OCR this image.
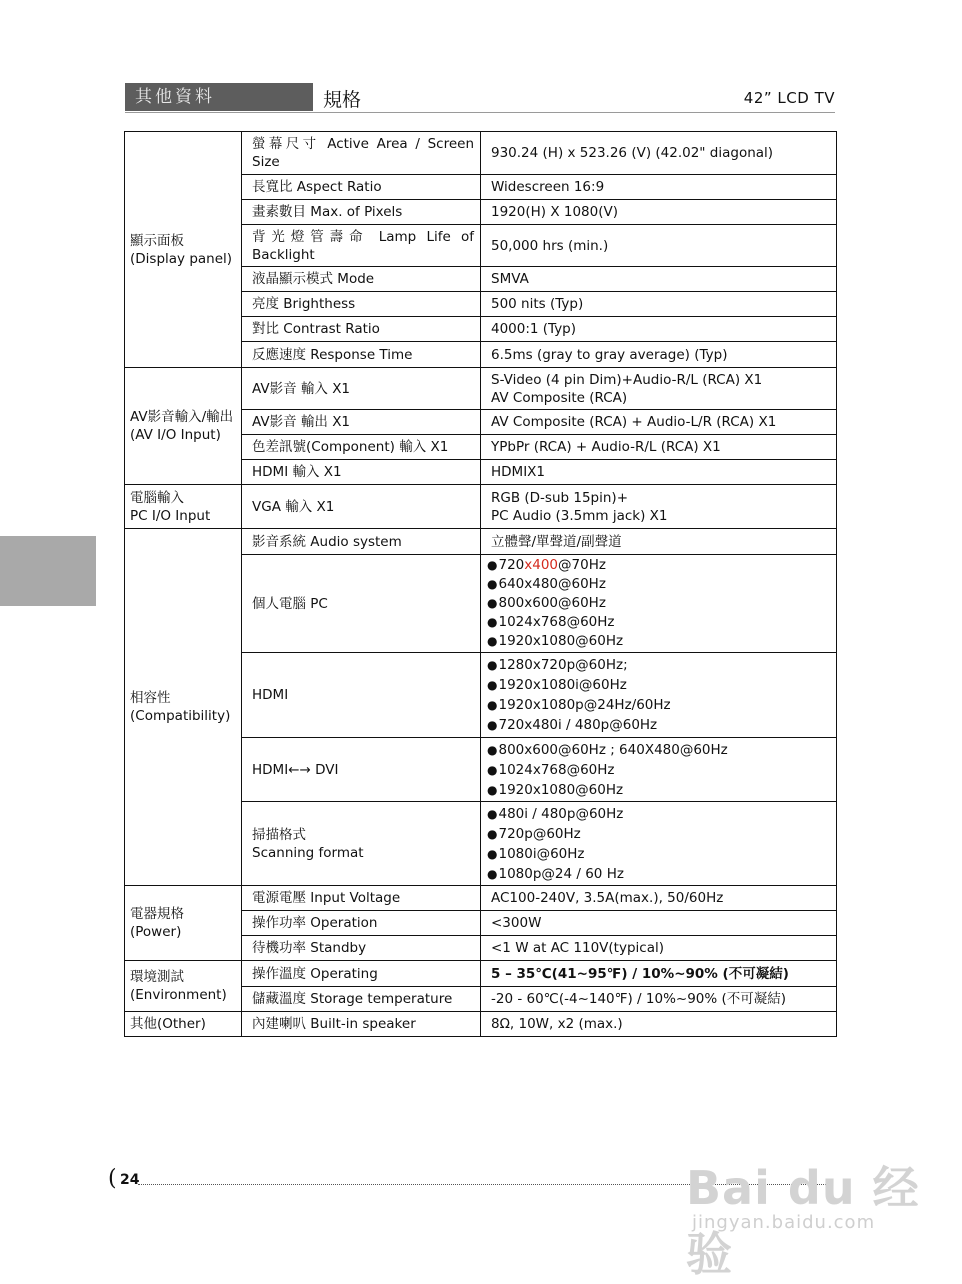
其他資料	規格	42” LCD TV
顯示面板
(Display panel)	螢幕尺寸 Active Area / Screen Size	930.24 (H) x 523.26 (V) (42.02" diagonal)
	長寬比 Aspect Ratio	Widescreen 16:9
	畫素數目 Max. of Pixels	1920(H) X 1080(V)
	背光燈管壽命 Lamp Life of Backlight	50,000 hrs (min.)
	液晶顯示模式 Mode	SMVA
	亮度 Brighthess	500 nits (Typ)
	對比 Contrast Ratio	4000:1 (Typ)
	反應速度 Response Time	6.5ms (gray to gray average) (Typ)

AV影音輸入/輸出
(AV I/O Input)	AV影音 輸入 X1	S-Video (4 pin Dim)+Audio-R/L (RCA) X1
AV Composite (RCA)

	AV影音 輸出 X1	AV Composite (RCA) + Audio-L/R (RCA) X1
	色差訊號(Component) 輸入 X1	YPbPr (RCA) + Audio-R/L (RCA) X1
	HDMI 輸入 X1	HDMIX1

電腦輸入
PC I/O Input	VGA 輸入 X1	RGB (D-sub 15pin)+
PC Audio (3.5mm jack) X1

相容性
(Compatibility)	影音系統 Audio system	立體聲/單聲道/副聲道
	個人電腦 PC	● 720x400@70Hz
● 640x480@60Hz
● 800x600@60Hz
● 1024x768@60Hz
● 1920x1080@60Hz

	HDMI	● 1280x720p@60Hz;
● 1920x1080i@60Hz
● 1920x1080p@24Hz/60Hz
● 720x480i / 480p@60Hz

	HDMI←→ DVI	● 800x600@60Hz ; 640X480@60Hz
● 1024x768@60Hz
● 1920x1080@60Hz

	掃描格式
Scanning format	● 480i / 480p@60Hz
● 720p@60Hz
● 1080i@60Hz
● 1080p@24 / 60 Hz

電器規格
(Power)	電源電壓 Input Voltage	AC100-240V, 3.5A(max.), 50/60Hz
	操作功率 Operation	<300W
	待機功率 Standby	<1 W at AC 110V(typical)

環境測試
(Environment)	操作溫度 Operating	5 – 35℃(41~95℉) / 10%~90% (不可凝結)
	儲藏溫度 Storage temperature	-20 - 60℃(-4~140℉) / 10%~90% (不可凝結)
其他(Other)	內建喇叭 Built-in speaker	8Ω, 10W, x2 (max.)
( 24	Bai du 经验
jingyan.baidu.com
